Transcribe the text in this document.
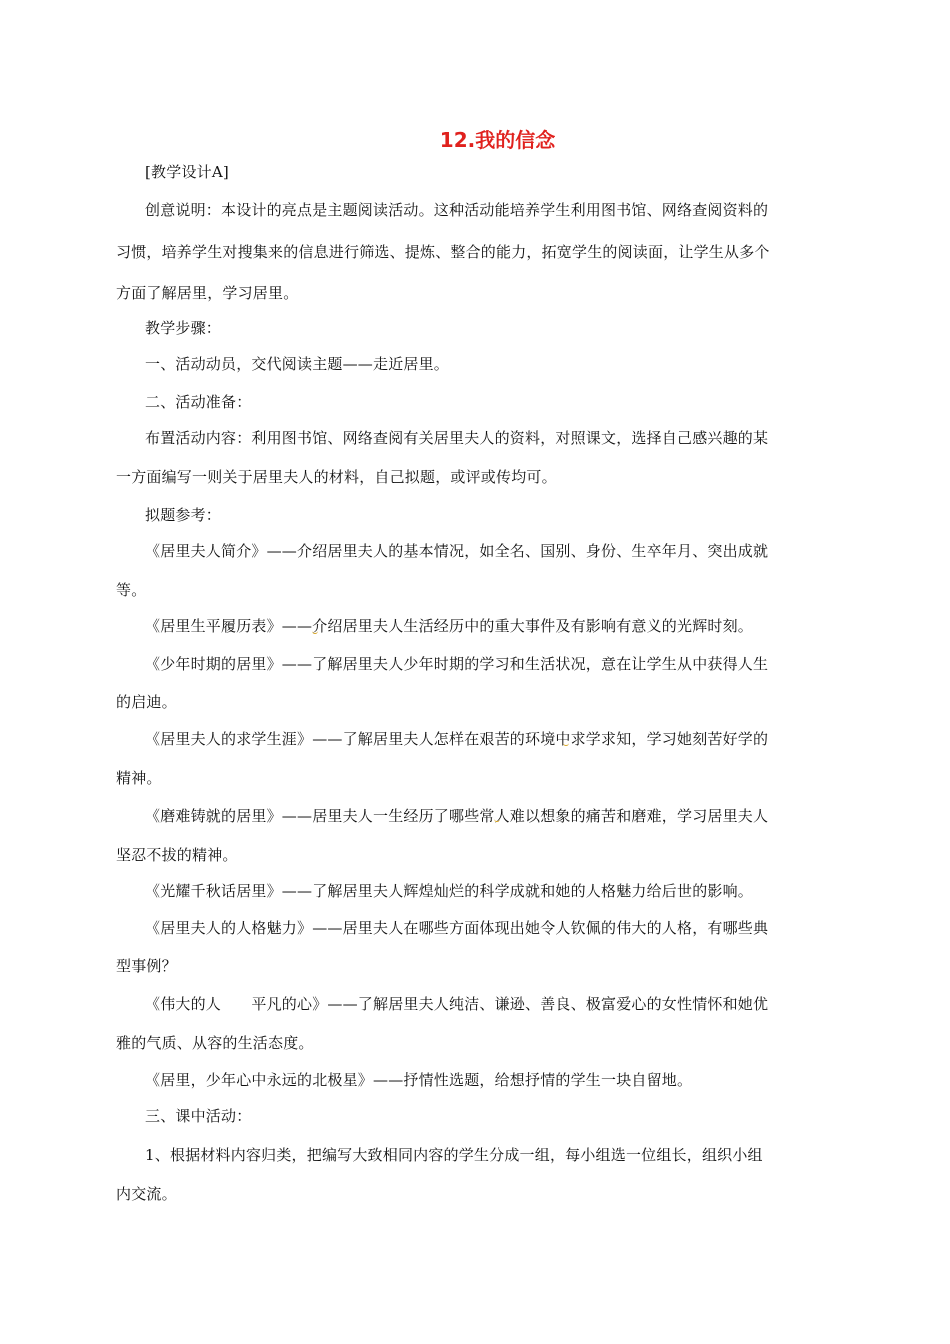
12.我的信念
[教学设计A]
创意说明：本设计的亮点是主题阅读活动。这种活动能培养学生利用图书馆、网络查阅资料的
习惯，培养学生对搜集来的信息进行筛选、提炼、整合的能力，拓宽学生的阅读面，让学生从多个
方面了解居里，学习居里。
教学步骤：
一、活动动员，交代阅读主题——走近居里。
二、活动准备：
布置活动内容：利用图书馆、网络查阅有关居里夫人的资料，对照课文，选择自己感兴趣的某
一方面编写一则关于居里夫人的材料，自己拟题，或评或传均可。
拟题参考：
《居里夫人简介》——介绍居里夫人的基本情况，如全名、国别、身份、生卒年月、突出成就
等。
《居里生平履历表》——介绍居里夫人生活经历中的重大事件及有影响有意义的光辉时刻。
《少年时期的居里》——了解居里夫人少年时期的学习和生活状况，意在让学生从中获得人生
的启迪。
《居里夫人的求学生涯》——了解居里夫人怎样在艰苦的环境中求学求知，学习她刻苦好学的
精神。
《磨难铸就的居里》——居里夫人一生经历了哪些常人难以想象的痛苦和磨难，学习居里夫人
坚忍不拔的精神。
《光耀千秋话居里》——了解居里夫人辉煌灿烂的科学成就和她的人格魅力给后世的影响。
《居里夫人的人格魅力》——居里夫人在哪些方面体现出她令人钦佩的伟大的人格，有哪些典
型事例？
《伟大的人　　平凡的心》——了解居里夫人纯洁、谦逊、善良、极富爱心的女性情怀和她优
雅的气质、从容的生活态度。
《居里，少年心中永远的北极星》——抒情性选题，给想抒情的学生一块自留地。
三、课中活动：
1、根据材料内容归类，把编写大致相同内容的学生分成一组，每小组选一位组长，组织小组
内交流。
